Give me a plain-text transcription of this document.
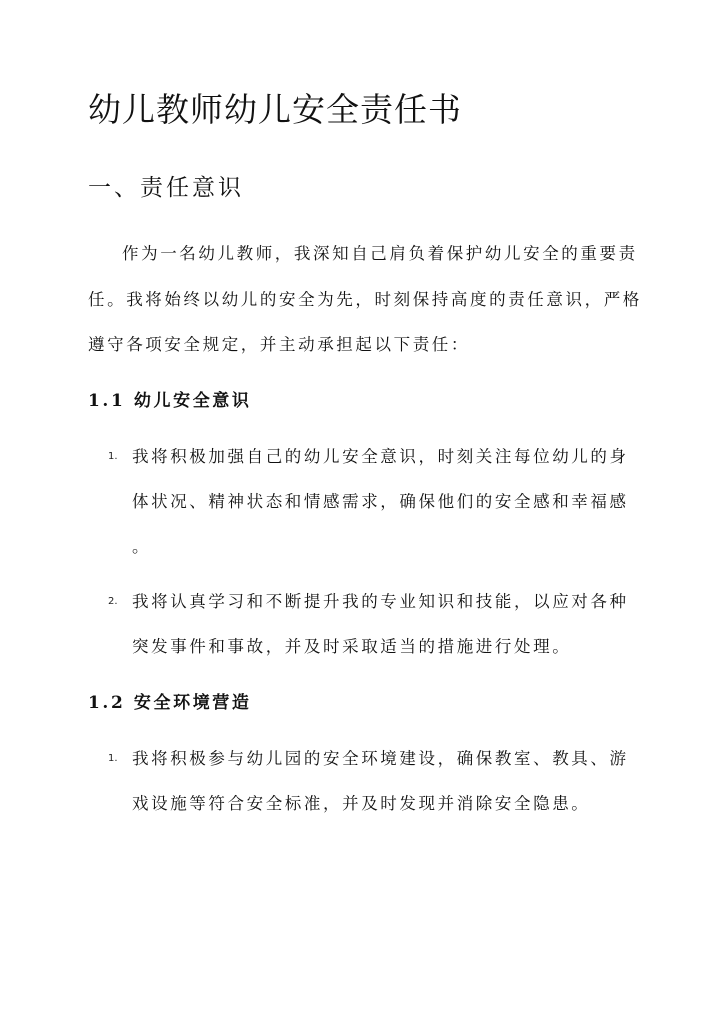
幼儿教师幼儿安全责任书
一、责任意识

作为一名幼儿教师，我深知自己肩负着保护幼儿安全的重要责

任。我将始终以幼儿的安全为先，时刻保持高度的责任意识，严格

遵守各项安全规定，并主动承担起以下责任：

1.1 幼儿安全意识
1. 我将积极加强自己的幼儿安全意识，时刻关注每位幼儿的身

体状况、精神状态和情感需求，确保他们的安全感和幸福感

。

2. 我将认真学习和不断提升我的专业知识和技能，以应对各种

突发事件和事故，并及时采取适当的措施进行处理。

1.2 安全环境营造
1. 我将积极参与幼儿园的安全环境建设，确保教室、教具、游

戏设施等符合安全标准，并及时发现并消除安全隐患。
